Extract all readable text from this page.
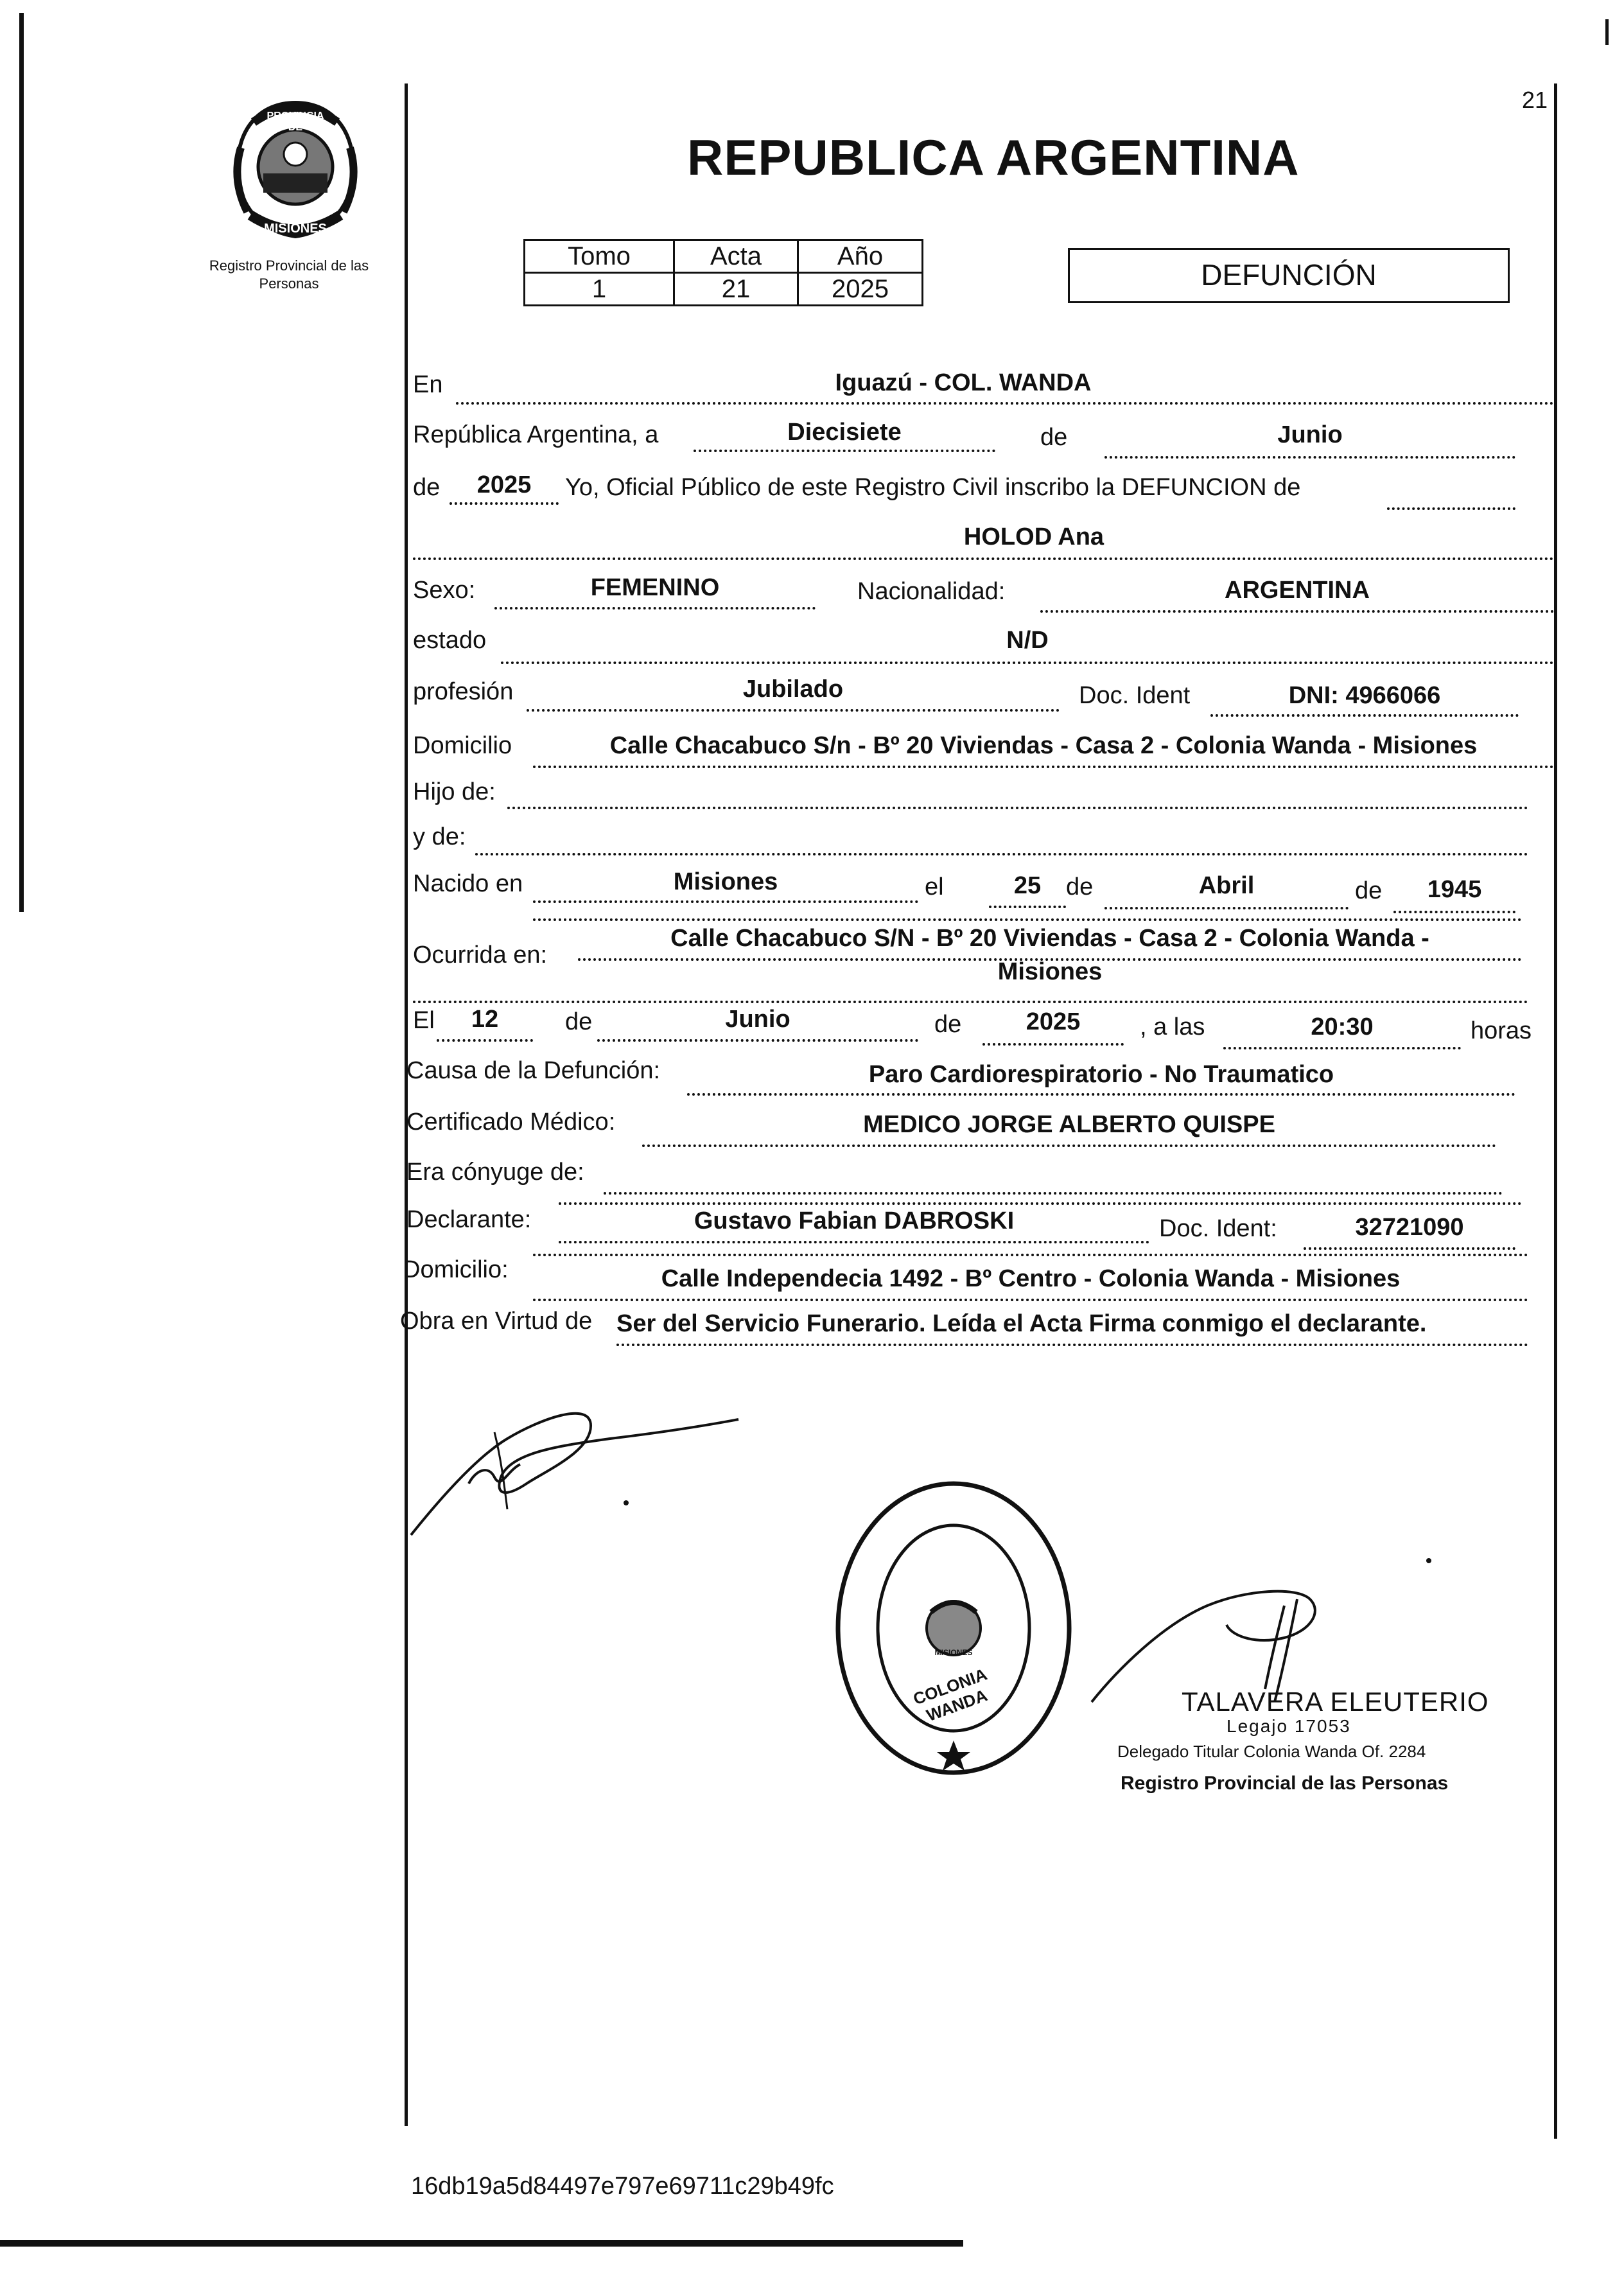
21
PROVINCIA DE
MISIONES
Registro Provincial de las Personas
REPUBLICA ARGENTINA
Tomo	Acta	Año
1	21	2025	DEFUNCIÓN
En	Iguazú - COL. WANDA
República Argentina, a	Diecisiete	de	Junio
de	2025	Yo, Oficial Público de este Registro Civil inscribo la DEFUNCION de
HOLOD Ana
Sexo:	FEMENINO	Nacionalidad:	ARGENTINA
estado	N/D
profesión	Jubilado	Doc. Ident	DNI: 4966066
Domicilio	Calle Chacabuco S/n - Bº 20 Viviendas - Casa 2 - Colonia Wanda - Misiones
Hijo de:
y de:
Nacido en	Misiones	el	25	de	Abril	de	1945
Ocurrida en:
Calle Chacabuco S/N - Bº 20 Viviendas - Casa 2 - Colonia Wanda -
Misiones
El	12	de	Junio	de	2025	, a las	20:30	horas
Causa de la Defunción:	Paro Cardiorespiratorio - No Traumatico
Certificado Médico:	MEDICO JORGE ALBERTO QUISPE
Era cónyuge de:
Declarante:	Gustavo Fabian DABROSKI	Doc. Ident:	32721090
Domicilio:	Calle Independecia 1492 - Bº Centro - Colonia Wanda - Misiones
Obra en Virtud de Ser del Servicio Funerario. Leída el Acta Firma conmigo el declarante.
COLONIA WANDA
MISIONES
TALAVERA ELEUTERIO
Legajo 17053
Delegado Titular Colonia Wanda Of. 2284
Registro Provincial de las Personas
16db19a5d84497e797e69711c29b49fc
